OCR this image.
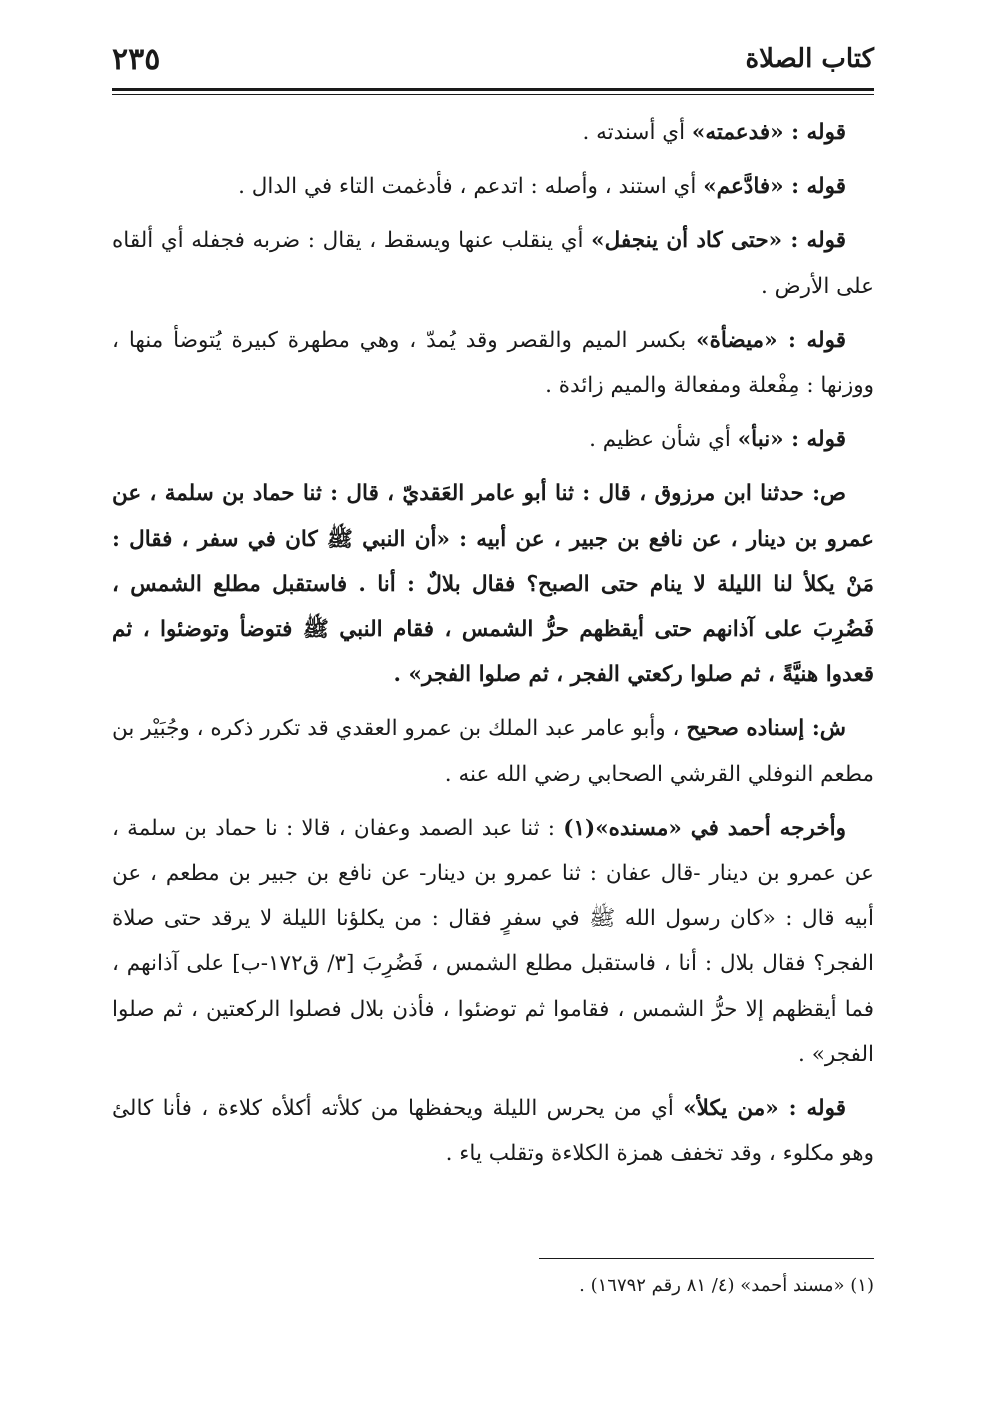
كتاب الصلاة
٢٣٥

قوله : «فدعمته» أي أسندته .

قوله : «فادَّعم» أي استند ، وأصله : اتدعم ، فأدغمت التاء في الدال .

قوله : «حتى كاد أن ينجفل» أي ينقلب عنها ويسقط ، يقال : ضربه فجفله أي ألقاه على الأرض .

قوله : «ميضأة» بكسر الميم والقصر وقد يُمدّ ، وهي مطهرة كبيرة يُتوضأ منها ، ووزنها : مِفْعلة ومفعالة والميم زائدة .

قوله : «نبأ» أي شأن عظيم .

ص: حدثنا ابن مرزوق ، قال : ثنا أبو عامر العَقديّ ، قال : ثنا حماد بن سلمة ، عن عمرو بن دينار ، عن نافع بن جبير ، عن أبيه : «أن النبي ﷺ كان في سفر ، فقال : مَنْ يكلأ لنا الليلة لا ينام حتى الصبح؟ فقال بلالٌ : أنا . فاستقبل مطلع الشمس ، فَضُرِبَ على آذانهم حتى أيقظهم حرُّ الشمس ، فقام النبي ﷺ فتوضأ وتوضئوا ، ثم قعدوا هنيَّةً ، ثم صلوا ركعتي الفجر ، ثم صلوا الفجر» .

ش: إسناده صحيح ، وأبو عامر عبد الملك بن عمرو العقدي قد تكرر ذكره ، وجُبَيْر بن مطعم النوفلي القرشي الصحابي رضي الله عنه .

وأخرجه أحمد في «مسنده»(١) : ثنا عبد الصمد وعفان ، قالا : نا حماد بن سلمة ، عن عمرو بن دينار -قال عفان : ثنا عمرو بن دينار- عن نافع بن جبير بن مطعم ، عن أبيه قال : «كان رسول الله ﷺ في سفرٍ فقال : من يكلؤنا الليلة لا يرقد حتى صلاة الفجر؟ فقال بلال : أنا ، فاستقبل مطلع الشمس ، فَضُرِبَ [٣/ ق١٧٢-ب] على آذانهم ، فما أيقظهم إلا حرُّ الشمس ، فقاموا ثم توضئوا ، فأذن بلال فصلوا الركعتين ، ثم صلوا الفجر» .

قوله : «من يكلأ» أي من يحرس الليلة ويحفظها من كلأته أكلأه كلاءة ، فأنا كالئ وهو مكلوء ، وقد تخفف همزة الكلاءة وتقلب ياء .

(١) «مسند أحمد» (٤/ ٨١ رقم ١٦٧٩٢) .
